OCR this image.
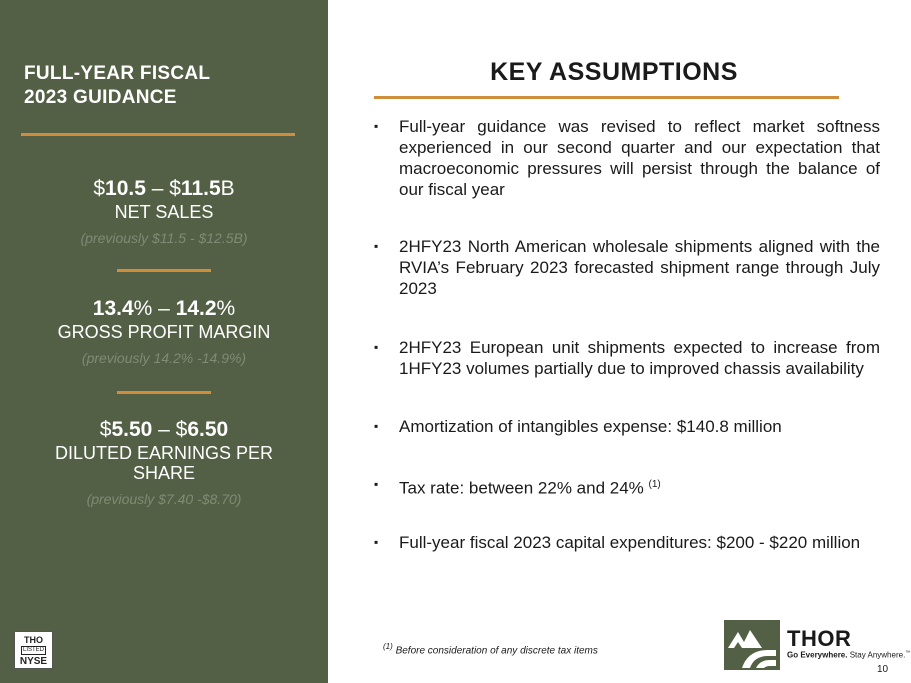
FULL-YEAR FISCAL
2023 GUIDANCE
$10.5 – $11.5B
NET SALES
(previously $11.5 - $12.5B)
13.4% – 14.2%
GROSS PROFIT MARGIN
(previously 14.2% -14.9%)
$5.50 – $6.50
DILUTED EARNINGS PER SHARE
(previously $7.40 -$8.70)
THO
LISTED
NYSE
KEY ASSUMPTIONS
▪	Full-year guidance was revised to reflect market softness experienced in our second quarter and our expectation that macroeconomic pressures will persist through the balance of our fiscal year
▪	2HFY23 North American wholesale shipments aligned with the RVIA’s February 2023 forecasted shipment range through July 2023
▪	2HFY23 European unit shipments expected to increase from 1HFY23 volumes partially due to improved chassis availability
▪	Amortization of intangibles expense: $140.8 million
▪	Tax rate: between 22% and 24% $^{(1)}$
▪	Full-year fiscal 2023 capital expenditures: $200 - $220 million
$^{(1)}$ Before consideration of any discrete tax items	THOR
Go Everywhere. Stay Anywhere.™
10
